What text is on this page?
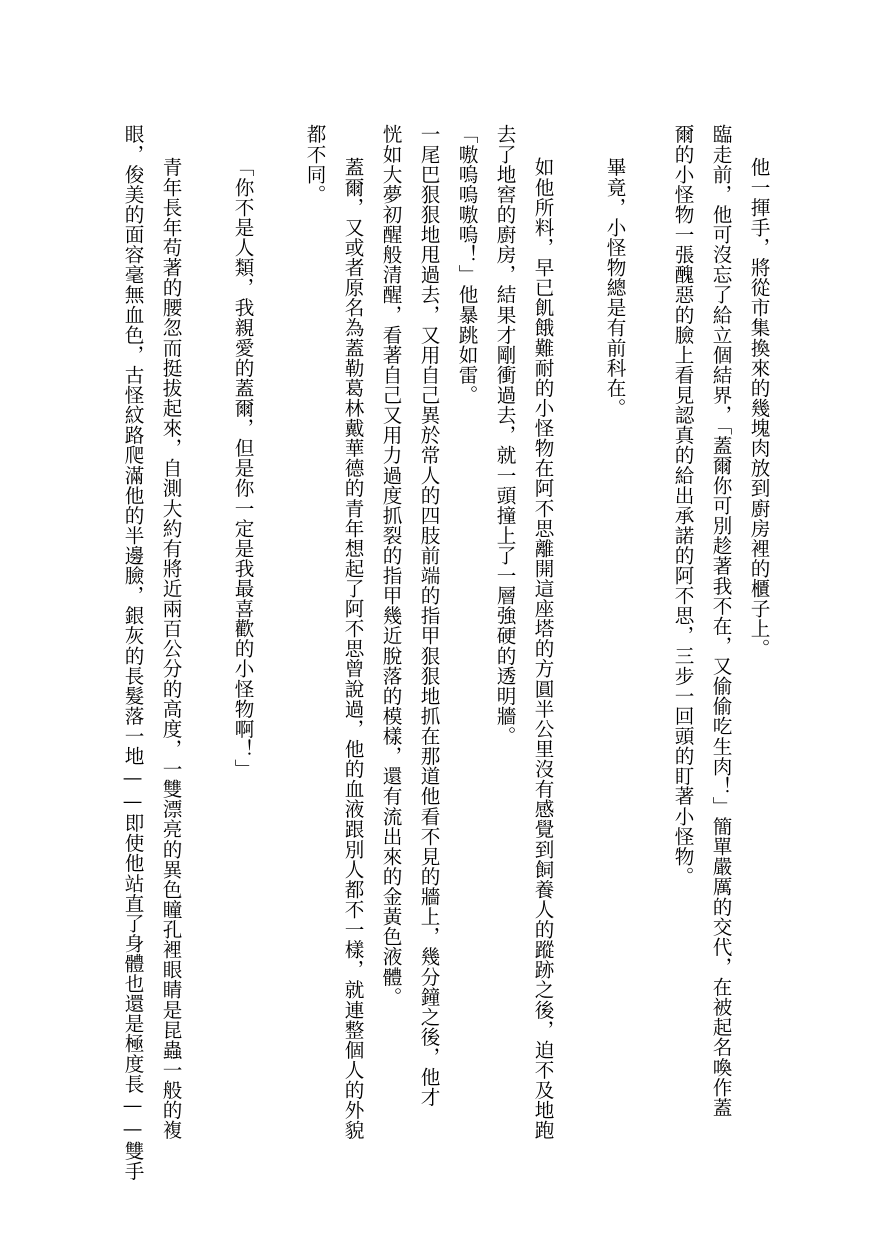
他一揮手，將從市集換來的幾塊肉放到廚房裡的櫃子上。
臨走前，他可沒忘了給立個結界，「蓋爾你可別趁著我不在，又偷偷吃生肉！」簡單嚴厲的交代，在被起名喚作蓋
爾的小怪物一張醜惡的臉上看見認真的給出承諾的阿不思，三步一回頭的盯著小怪物。
畢竟，小怪物總是有前科在。
如他所料，早已飢餓難耐的小怪物在阿不思離開這座塔的方圓半公里沒有感覺到飼養人的蹤跡之後，迫不及地跑
去了地窖的廚房，結果才剛衝過去，就一頭撞上了一層強硬的透明牆。
「嗷嗚嗚嗷嗚！」他暴跳如雷。
一尾巴狠狠地甩過去，又用自己異於常人的四肢前端的指甲狠狠地抓在那道他看不見的牆上，幾分鐘之後，他才
恍如大夢初醒般清醒，看著自己又用力過度抓裂的指甲幾近脫落的模樣，還有流出來的金黃色液體。
蓋爾，又或者原名為蓋勒葛林戴華德的青年想起了阿不思曾說過，他的血液跟別人都不一樣，就連整個人的外貌
都不同。
「你不是人類，我親愛的蓋爾，但是你一定是我最喜歡的小怪物啊！」
青年長年苟著的腰忽而挺拔起來，自測大約有將近兩百公分的高度，一雙漂亮的異色瞳孔裡眼睛是昆蟲一般的複
眼，俊美的面容毫無血色，古怪紋路爬滿他的半邊臉，銀灰的長髮落一地——即使他站直了身體也還是極度長——雙手
